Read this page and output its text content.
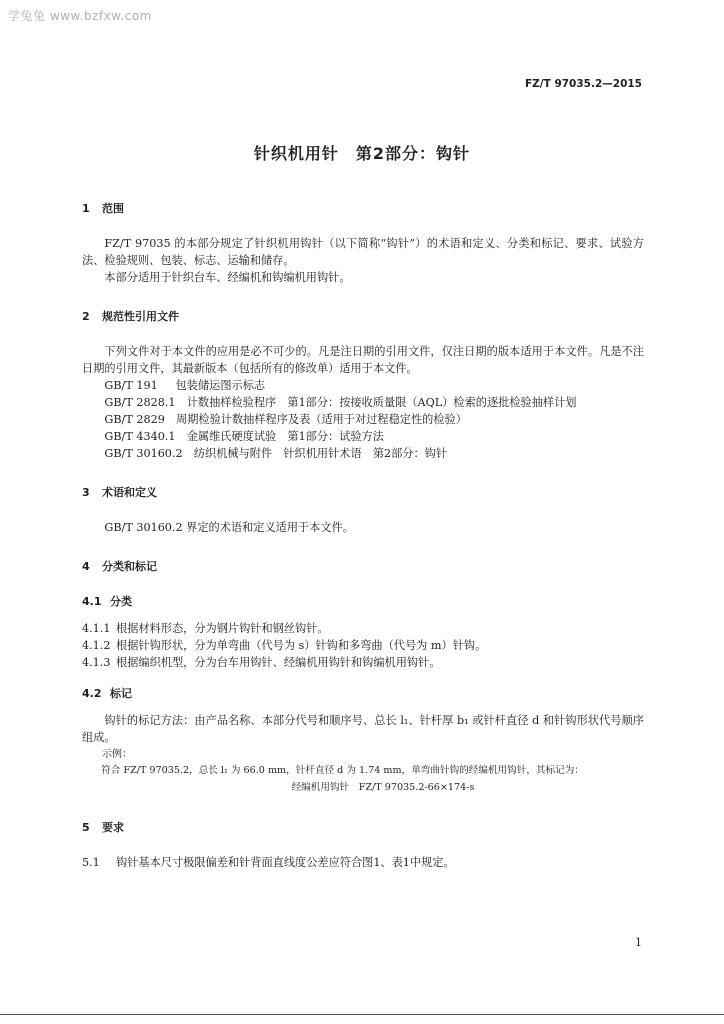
学兔兔 www.bzfxw.com
FZ/T 97035.2—2015
针织机用针　第2部分：钩针
1 范围

FZ/T 97035 的本部分规定了针织机用钩针（以下简称“钩针”）的术语和定义、分类和标记、要求、试验方法、检验规则、包装、标志、运输和储存。

本部分适用于针织台车、经编机和钩编机用钩针。

2 规范性引用文件

下列文件对于本文件的应用是必不可少的。凡是注日期的引用文件，仅注日期的版本适用于本文件。凡是不注日期的引用文件，其最新版本（包括所有的修改单）适用于本文件。

GB/T 191　 包装储运图示标志

GB/T 2828.1　 计数抽样检验程序　第1部分：按接收质量限（AQL）检索的逐批检验抽样计划

GB/T 2829　 周期检验计数抽样程序及表（适用于对过程稳定性的检验）

GB/T 4340.1　 金属维氏硬度试验　第1部分：试验方法

GB/T 30160.2　 纺织机械与附件　针织机用针术语　第2部分：钩针

3 术语和定义

GB/T 30160.2 界定的术语和定义适用于本文件。

4 分类和标记
4.1 分类

4.1.1 根据材料形态，分为钢片钩针和钢丝钩针。

4.1.2 根据针钩形状，分为单弯曲（代号为 s）针钩和多弯曲（代号为 m）针钩。

4.1.3 根据编织机型，分为台车用钩针、经编机用钩针和钩编机用钩针。

4.2 标记

钩针的标记方法：由产品名称、本部分代号和顺序号、总长 l₁、针杆厚 b₁ 或针杆直径 d 和针钩形状代号顺序组成。

示例：

符合 FZ/T 97035.2，总长 l₁ 为 66.0 mm，针杆直径 d 为 1.74 mm，单弯曲针钩的经编机用钩针，其标记为：

经编机用钩针　FZ/T 97035.2-66×174-s

5 要求

5.1 钩针基本尺寸极限偏差和针背面直线度公差应符合图1、表1中规定。

1
